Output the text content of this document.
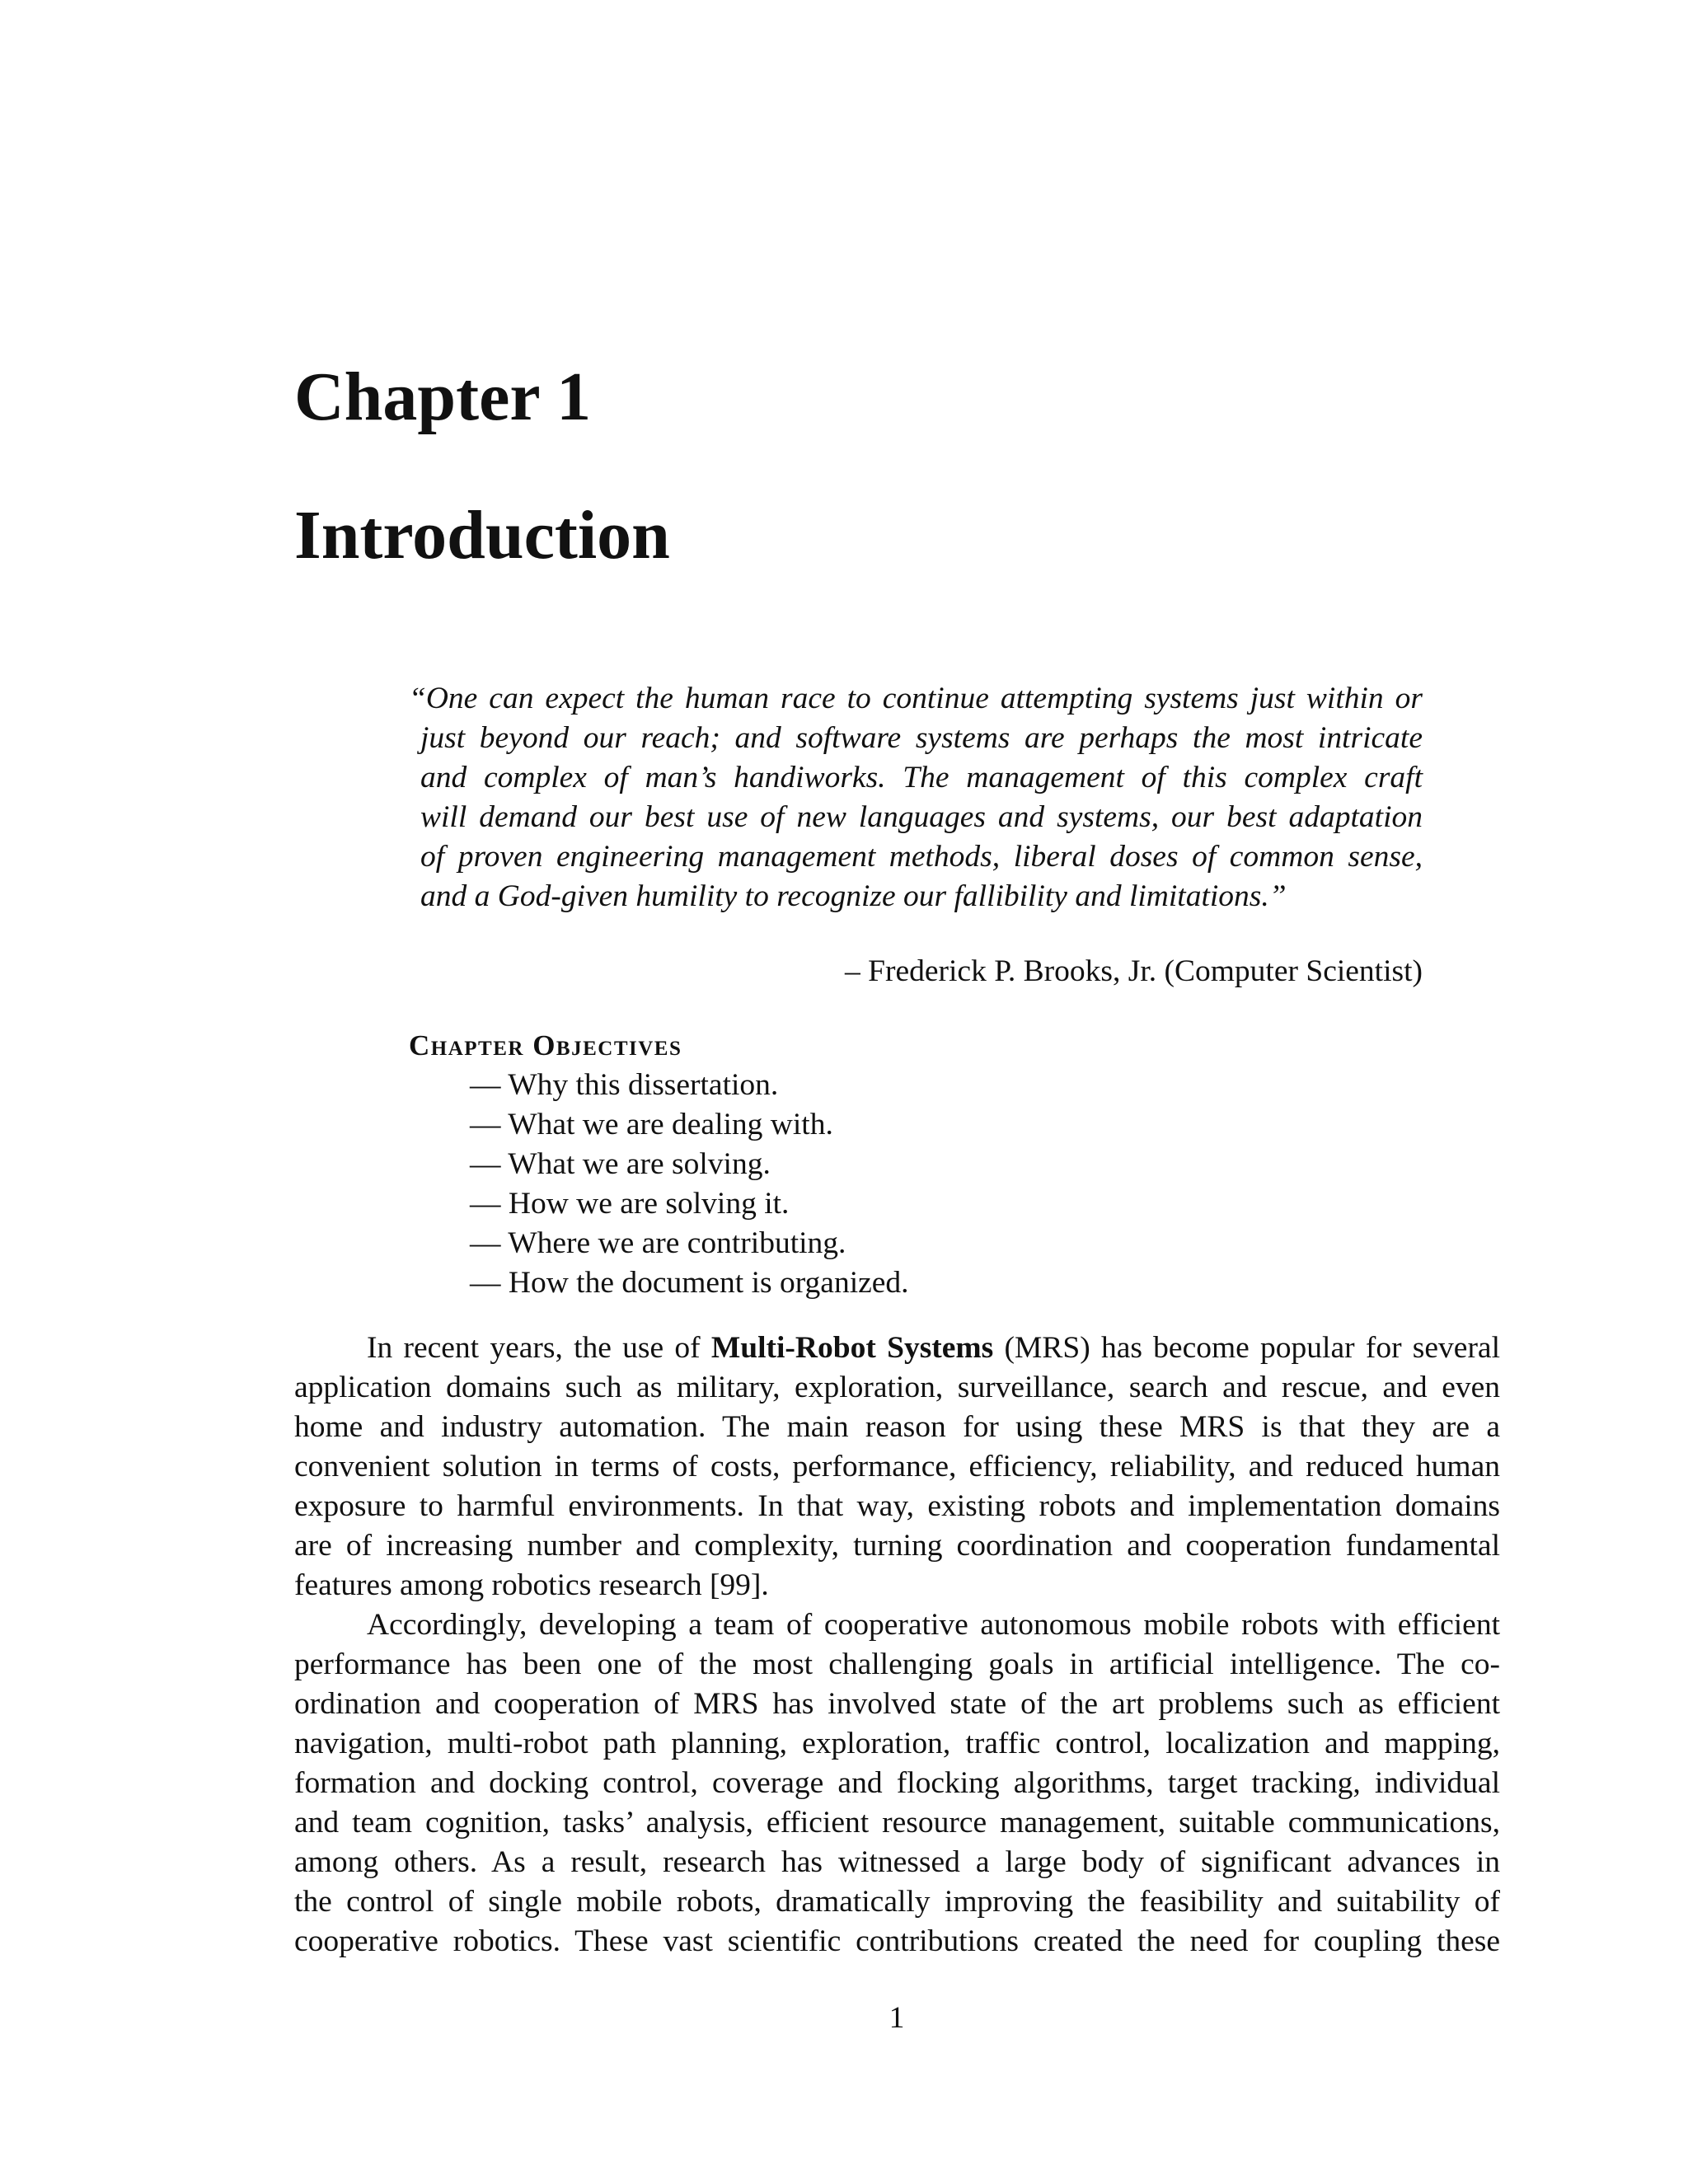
Chapter 1
Introduction
“One can expect the human race to continue attempting systems just within or
just beyond our reach; and software systems are perhaps the most intricate
and complex of man’s handiworks. The management of this complex craft
will demand our best use of new languages and systems, our best adaptation
of proven engineering management methods, liberal doses of common sense,
and a God-given humility to recognize our fallibility and limitations.”
– Frederick P. Brooks, Jr. (Computer Scientist)

Chapter Objectives

— Why this dissertation.
— What we are dealing with.
— What we are solving.
— How we are solving it.
— Where we are contributing.
— How the document is organized.
In recent years, the use of Multi-Robot Systems (MRS) has become popular for several
application domains such as military, exploration, surveillance, search and rescue, and even
home and industry automation. The main reason for using these MRS is that they are a
convenient solution in terms of costs, performance, efficiency, reliability, and reduced human
exposure to harmful environments. In that way, existing robots and implementation domains
are of increasing number and complexity, turning coordination and cooperation fundamental
features among robotics research [99].
Accordingly, developing a team of cooperative autonomous mobile robots with efficient
performance has been one of the most challenging goals in artificial intelligence. The co-
ordination and cooperation of MRS has involved state of the art problems such as efficient
navigation, multi-robot path planning, exploration, traffic control, localization and mapping,
formation and docking control, coverage and flocking algorithms, target tracking, individual
and team cognition, tasks’ analysis, efficient resource management, suitable communications,
among others. As a result, research has witnessed a large body of significant advances in
the control of single mobile robots, dramatically improving the feasibility and suitability of
cooperative robotics. These vast scientific contributions created the need for coupling these
1
